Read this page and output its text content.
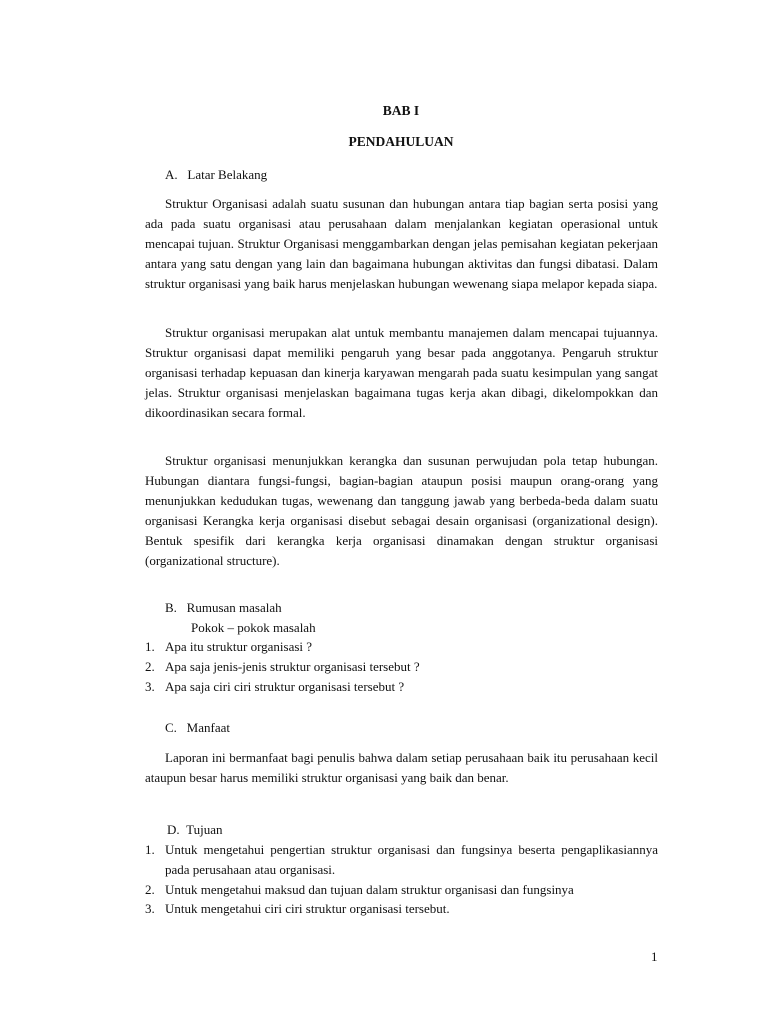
BAB I
PENDAHULUAN
A.   Latar Belakang

Struktur Organisasi adalah suatu susunan dan hubungan antara tiap bagian serta posisi yang ada pada suatu organisasi atau perusahaan dalam menjalankan kegiatan operasional untuk mencapai tujuan. Struktur Organisasi menggambarkan dengan jelas pemisahan kegiatan pekerjaan antara yang satu dengan yang lain dan bagaimana hubungan aktivitas dan fungsi dibatasi. Dalam struktur organisasi yang baik harus menjelaskan hubungan wewenang siapa melapor kepada siapa.

Struktur organisasi merupakan alat untuk membantu manajemen dalam mencapai tujuannya. Struktur organisasi dapat memiliki pengaruh yang besar pada anggotanya. Pengaruh struktur organisasi terhadap kepuasan dan kinerja karyawan mengarah pada suatu kesimpulan yang sangat jelas. Struktur organisasi menjelaskan bagaimana tugas kerja akan dibagi, dikelompokkan dan dikoordinasikan secara formal.

Struktur organisasi menunjukkan kerangka dan susunan perwujudan pola tetap hubungan. Hubungan diantara fungsi-fungsi, bagian-bagian ataupun posisi maupun orang-orang yang menunjukkan kedudukan tugas, wewenang dan tanggung jawab yang berbeda-beda dalam suatu organisasi Kerangka kerja organisasi disebut sebagai desain organisasi (organizational design). Bentuk spesifik dari kerangka kerja organisasi dinamakan dengan struktur organisasi (organizational structure).

B.   Rumusan masalah
Pokok – pokok masalah
1. Apa itu struktur organisasi ?
2. Apa saja jenis-jenis struktur organisasi tersebut ?
3. Apa saja ciri ciri struktur organisasi tersebut ?
C.   Manfaat

Laporan ini bermanfaat bagi penulis bahwa dalam setiap perusahaan baik itu perusahaan kecil ataupun besar harus memiliki struktur organisasi yang baik dan benar.

D.  Tujuan
1. Untuk mengetahui pengertian struktur organisasi dan fungsinya beserta pengaplikasiannya pada perusahaan atau organisasi.
2. Untuk mengetahui maksud dan tujuan dalam struktur organisasi dan fungsinya
3. Untuk mengetahui ciri ciri struktur organisasi tersebut.
1
